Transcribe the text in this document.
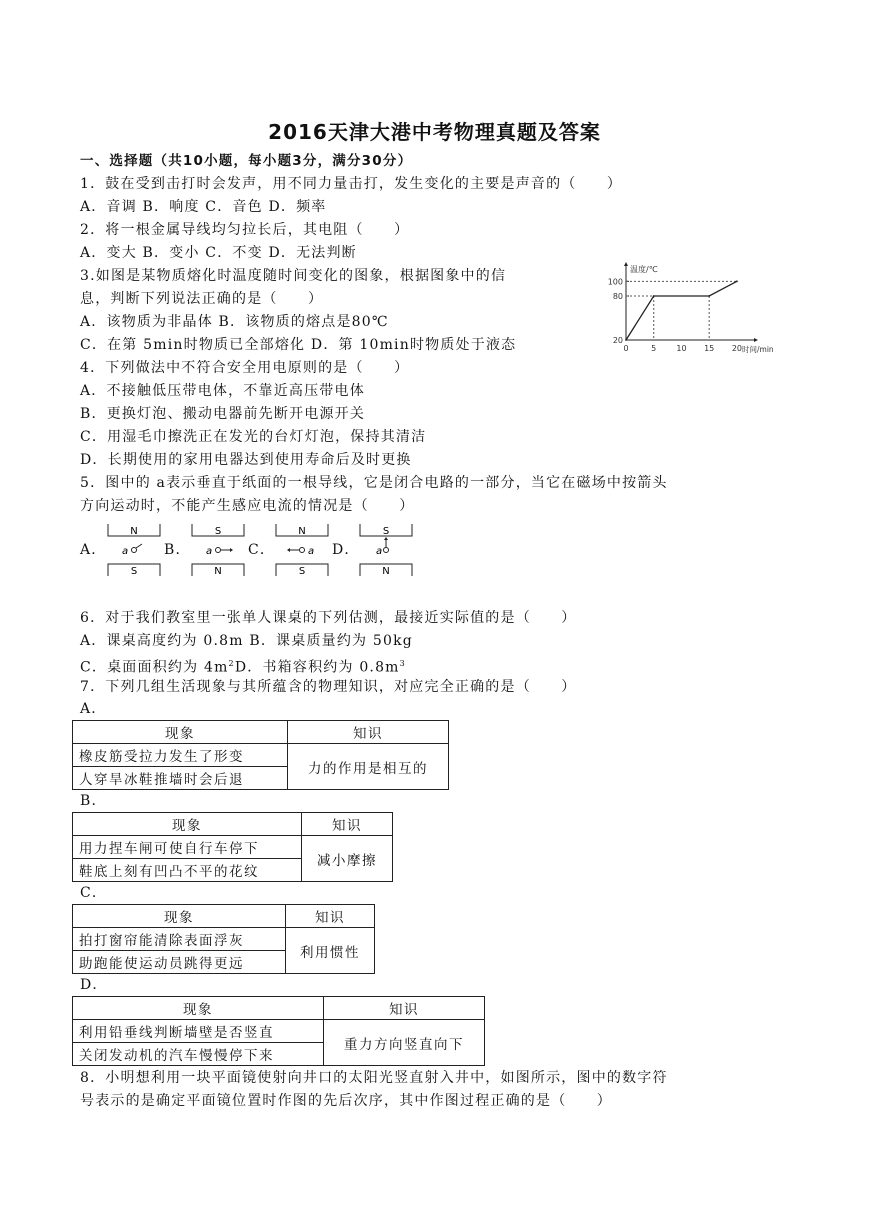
2016天津大港中考物理真题及答案
一、选择题（共10小题，每小题3分，满分30分）
1．鼓在受到击打时会发声，用不同力量击打，发生变化的主要是声音的（　　）
A．音调 B．响度 C．音色 D．频率
2．将一根金属导线均匀拉长后，其电阻（　　）
A．变大 B．变小 C．不变 D．无法判断
3.如图是某物质熔化时温度随时间变化的图象，根据图象中的信
息，判断下列说法正确的是（　　）
A．该物质为非晶体 B．该物质的熔点是80℃
C．在第 5min时物质已全部熔化 D．第 10min时物质处于液态
温度/℃
时间/min
0	5	10 15 20
20
80
100
4．下列做法中不符合安全用电原则的是（　　）
A．不接触低压带电体，不靠近高压带电体
B．更换灯泡、搬动电器前先断开电源开关
C．用湿毛巾擦洗正在发光的台灯灯泡，保持其清洁
D．长期使用的家用电器达到使用寿命后及时更换
5．图中的 a表示垂直于纸面的一根导线，它是闭合电路的一部分，当它在磁场中按箭头
方向运动时，不能产生感应电流的情况是（　　）
A．
N
S
a	B．
S
N
a	C．
N
S
a D．
S
N
a
6．对于我们教室里一张单人课桌的下列估测，最接近实际值的是（　　）
A．课桌高度约为 0.8m B．课桌质量约为 50kg
C．桌面面积约为 $4m^2D$．书箱容积约为 $0.8m^3$
7．下列几组生活现象与其所蕴含的物理知识，对应完全正确的是（　　）
A．
现象	知识
橡皮筋受拉力发生了形变	力的作用是相互的
人穿旱冰鞋推墙时会后退	
B．
现象	知识
用力捏车闸可使自行车停下	减小摩擦
鞋底上刻有凹凸不平的花纹	
C．
现象	知识
拍打窗帘能清除表面浮灰	利用惯性
助跑能使运动员跳得更远	
D．
现象	知识
利用铅垂线判断墙壁是否竖直	重力方向竖直向下
关闭发动机的汽车慢慢停下来	
8．小明想利用一块平面镜使射向井口的太阳光竖直射入井中，如图所示，图中的数字符
号表示的是确定平面镜位置时作图的先后次序，其中作图过程正确的是（　　）
